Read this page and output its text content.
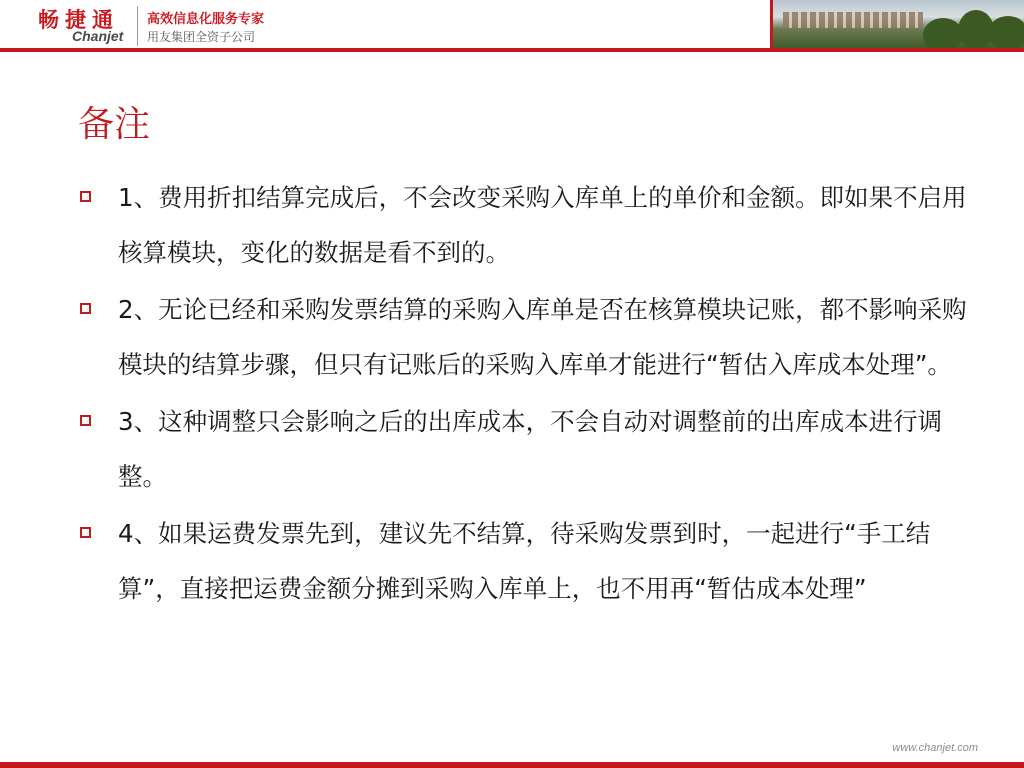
畅捷通
Chanjet
高效信息化服务专家
用友集团全资子公司
备注
1、费用折扣结算完成后，不会改变采购入库单上的单价和金额。即如果不启用核算模块，变化的数据是看不到的。
2、无论已经和采购发票结算的采购入库单是否在核算模块记账，都不影响采购模块的结算步骤，但只有记账后的采购入库单才能进行“暂估入库成本处理”。
3、这种调整只会影响之后的出库成本，不会自动对调整前的出库成本进行调整。
4、如果运费发票先到，建议先不结算，待采购发票到时，一起进行“手工结算”，直接把运费金额分摊到采购入库单上，也不用再“暂估成本处理”
www.chanjet.com
